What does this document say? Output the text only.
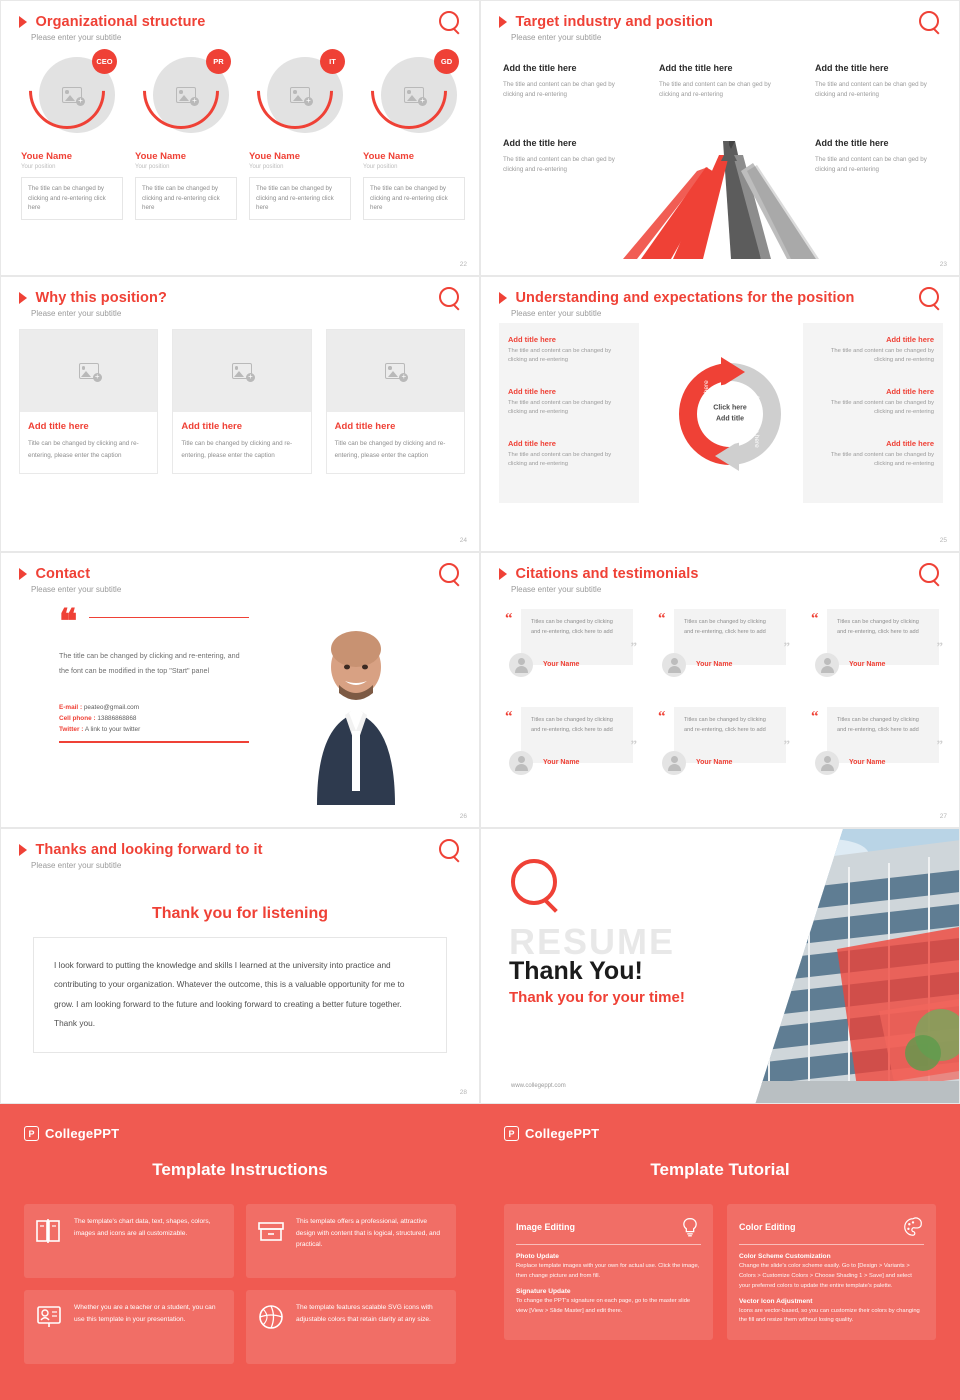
Organizational structure
Please enter your subtitle
+
CEO
Youe Name
Your position
The title can be changed by clicking and re-entering click here
+
PR
Youe Name
Your position
The title can be changed by clicking and re-entering click here
+
IT
Youe Name
Your position
The title can be changed by clicking and re-entering click here
+
GD
Youe Name
Your position
The title can be changed by clicking and re-entering click here
22
Target industry and position
Please enter your subtitle
Add the title here
The title and content can be chan ged by clicking and re-entering
Add the title here
The title and content can be chan ged by clicking and re-entering
Add the title here
The title and content can be chan ged by clicking and re-entering
Add the title here
The title and content can be chan ged by clicking and re-entering
Add the title here
The title and content can be chan ged by clicking and re-entering
23
Why this position?
Please enter your subtitle
+
Add title here
Title can be changed by clicking and re-entering, please enter the caption
+
Add title here
Title can be changed by clicking and re-entering, please enter the caption
+
Add title here
Title can be changed by clicking and re-entering, please enter the caption
24
Understanding and expectations for the position
Please enter your subtitle
Add title here
The title and content can be changed by clicking and re-entering
Add title here
The title and content can be changed by clicking and re-entering
Add title here
The title and content can be changed by clicking and re-entering
Add title here
The title and content can be changed by clicking and re-entering
Add title here
The title and content can be changed by clicking and re-entering
Add title here
The title and content can be changed by clicking and re-entering
Add your title here	Add your title here
Click here
Add title
25
Contact
Please enter your subtitle
❝
The title can be changed by clicking and re-entering, and the font can be modified in the top "Start" panel
E-mail : peateo@gmail.com
Cell phone : 13886868868
Twitter : A link to your twitter
26
Citations and testimonials
Please enter your subtitle
Titles can be changed by clicking and re-entering, click here to add
“
”
Your Name
Titles can be changed by clicking and re-entering, click here to add
“
”
Your Name
Titles can be changed by clicking and re-entering, click here to add
“
”
Your Name
Titles can be changed by clicking and re-entering, click here to add
“
”
Your Name
Titles can be changed by clicking and re-entering, click here to add
“
”
Your Name
Titles can be changed by clicking and re-entering, click here to add
“
”
Your Name
27
Thanks and looking forward to it
Please enter your subtitle
Thank you for listening

I look forward to putting the knowledge and skills I learned at the university into practice and contributing to your organization. Whatever the outcome, this is a valuable opportunity for me to grow. I am looking forward to the future and looking forward to creating a better future together. Thank you.

28
RESUME
Thank You!
Thank you for your time!
www.collegeppt.com
P CollegePPT
Template Instructions
The template's chart data, text, shapes, colors, images and icons are all customizable.
This template offers a professional, attractive design with content that is logical, structured, and practical.
Whether you are a teacher or a student, you can use this template in your presentation.
The template features scalable SVG icons with adjustable colors that retain clarity at any size.
P CollegePPT
Template Tutorial
Image Editing
Photo Update
Replace template images with your own for actual use. Click the image, then change picture and from fill.
Signature Update
To change the PPT's signature on each page, go to the master slide view [View > Slide Master] and edit there.
Color Editing
Color Scheme Customization
Change the slide's color scheme easily. Go to [Design > Variants > Colors > Customize Colors > Choose Shading 1 > Save] and select your preferred colors to update the entire template's palette.
Vector Icon Adjustment
Icons are vector-based, so you can customize their colors by changing the fill and resize them without losing quality.
